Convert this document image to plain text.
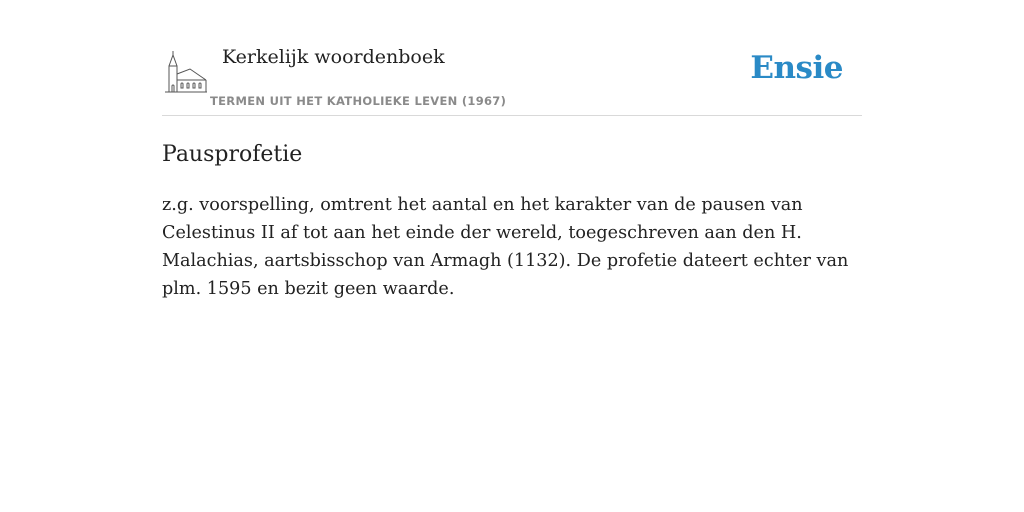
Kerkelijk woordenboek
TERMEN UIT HET KATHOLIEKE LEVEN (1967)
Ensie
Pausprofetie

z.g. voorspelling, omtrent het aantal en het karakter van de pausen van Celestinus II af tot aan het einde der wereld, toegeschreven aan den H. Malachias, aartsbisschop van Armagh (1132). De profetie dateert echter van plm. 1595 en bezit geen waarde.
